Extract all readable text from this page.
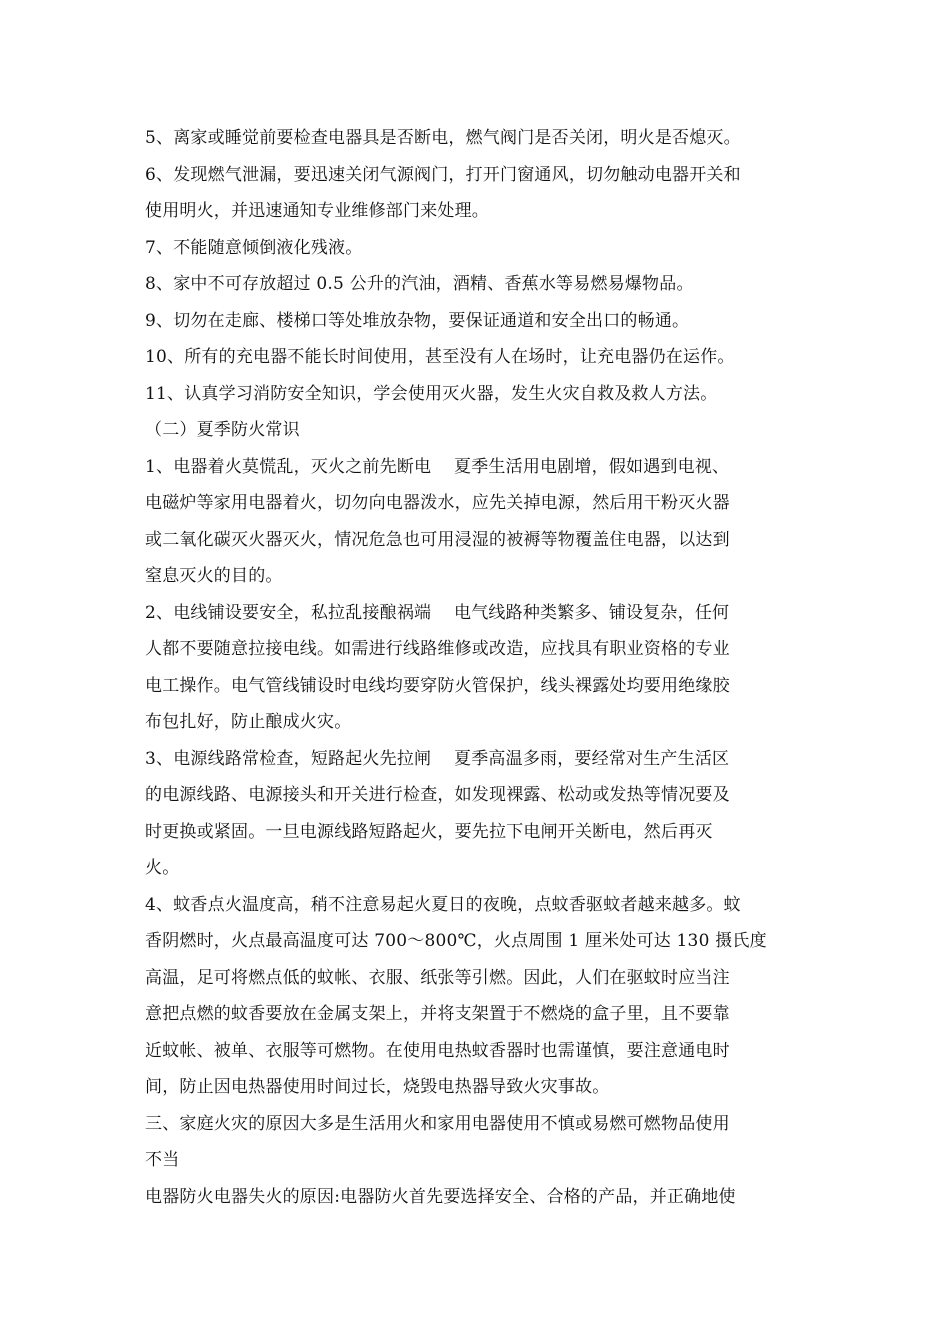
5、离家或睡觉前要检查电器具是否断电，燃气阀门是否关闭，明火是否熄灭。

6、发现燃气泄漏，要迅速关闭气源阀门，打开门窗通风，切勿触动电器开关和
使用明火，并迅速通知专业维修部门来处理。

7、不能随意倾倒液化残液。

8、家中不可存放超过 0.5 公升的汽油，酒精、香蕉水等易燃易爆物品。

9、切勿在走廊、楼梯口等处堆放杂物，要保证通道和安全出口的畅通。

10、所有的充电器不能长时间使用，甚至没有人在场时，让充电器仍在运作。

11、认真学习消防安全知识，学会使用灭火器，发生火灾自救及救人方法。

（二）夏季防火常识

1、电器着火莫慌乱，灭火之前先断电　 夏季生活用电剧增，假如遇到电视、
电磁炉等家用电器着火，切勿向电器泼水，应先关掉电源，然后用干粉灭火器
或二氧化碳灭火器灭火，情况危急也可用浸湿的被褥等物覆盖住电器，以达到
窒息灭火的目的。

2、电线铺设要安全，私拉乱接酿祸端　 电气线路种类繁多、铺设复杂，任何
人都不要随意拉接电线。如需进行线路维修或改造，应找具有职业资格的专业
电工操作。电气管线铺设时电线均要穿防火管保护，线头裸露处均要用绝缘胶
布包扎好，防止酿成火灾。

3、电源线路常检查，短路起火先拉闸　 夏季高温多雨，要经常对生产生活区
的电源线路、电源接头和开关进行检查，如发现裸露、松动或发热等情况要及
时更换或紧固。一旦电源线路短路起火，要先拉下电闸开关断电，然后再灭
火。

4、蚊香点火温度高，稍不注意易起火夏日的夜晚，点蚊香驱蚊者越来越多。蚊
香阴燃时，火点最高温度可达 700～800℃，火点周围 1 厘米处可达 130 摄氏度
高温，足可将燃点低的蚊帐、衣服、纸张等引燃。因此，人们在驱蚊时应当注
意把点燃的蚊香要放在金属支架上，并将支架置于不燃烧的盒子里，且不要靠
近蚊帐、被单、衣服等可燃物。在使用电热蚊香器时也需谨慎，要注意通电时
间，防止因电热器使用时间过长，烧毁电热器导致火灾事故。

三、家庭火灾的原因大多是生活用火和家用电器使用不慎或易燃可燃物品使用
不当

电器防火电器失火的原因:电器防火首先要选择安全、合格的产品，并正确地使
